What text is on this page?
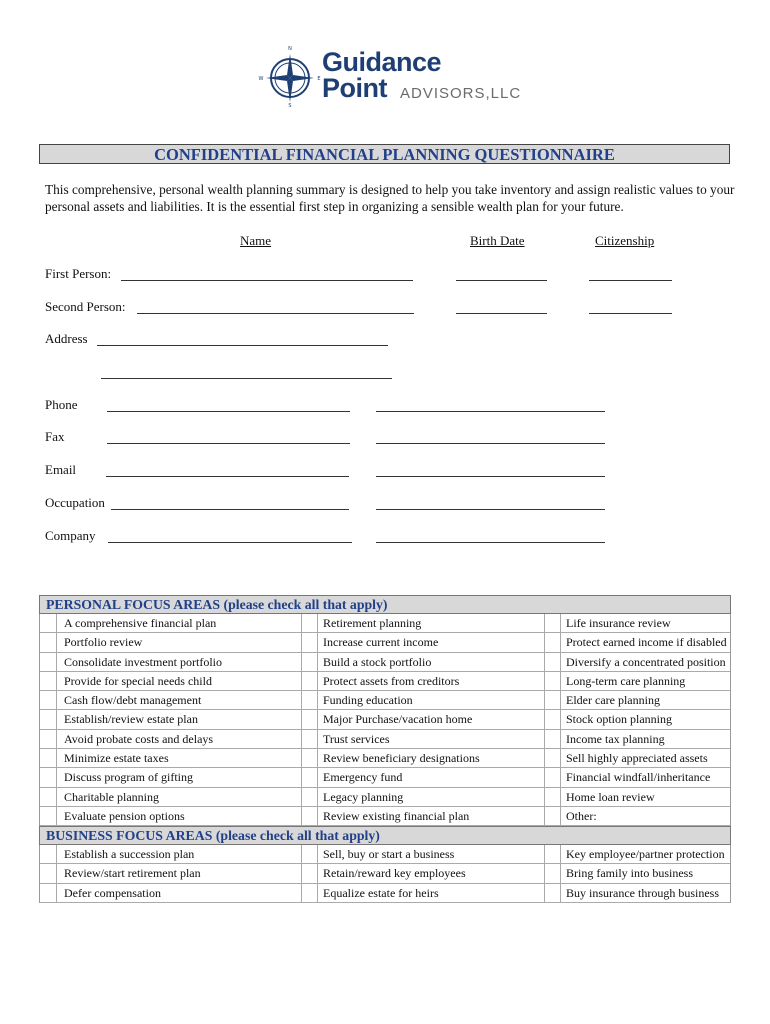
N
S
W	E
Guidance
Point ADVISORS,LLC
CONFIDENTIAL FINANCIAL PLANNING QUESTIONNAIRE
This comprehensive, personal wealth planning summary is designed to help you take inventory and assign realistic values to your personal assets and liabilities. It is the essential first step in organizing a sensible wealth plan for your future.
Name	Birth Date	Citizenship
First Person:
Second Person:
Address
Phone
Fax
Email
Occupation
Company
PERSONAL FOCUS AREAS (please check all that apply)
A comprehensive financial plan	Retirement planning	Life insurance review
Portfolio review	Increase current income	Protect earned income if disabled
Consolidate investment portfolio	Build a stock portfolio	Diversify a concentrated position
Provide for special needs child	Protect assets from creditors	Long-term care planning
Cash flow/debt management	Funding education	Elder care planning
Establish/review estate plan	Major Purchase/vacation home	Stock option planning
Avoid probate costs and delays	Trust services	Income tax planning
Minimize estate taxes	Review beneficiary designations	Sell highly appreciated assets
Discuss program of gifting	Emergency fund	Financial windfall/inheritance
Charitable planning	Legacy planning	Home loan review
Evaluate pension options	Review existing financial plan	Other:
BUSINESS FOCUS AREAS (please check all that apply)
Establish a succession plan	Sell, buy or start a business	Key employee/partner protection
Review/start retirement plan	Retain/reward key employees	Bring family into business
Defer compensation	Equalize estate for heirs	Buy insurance through business
